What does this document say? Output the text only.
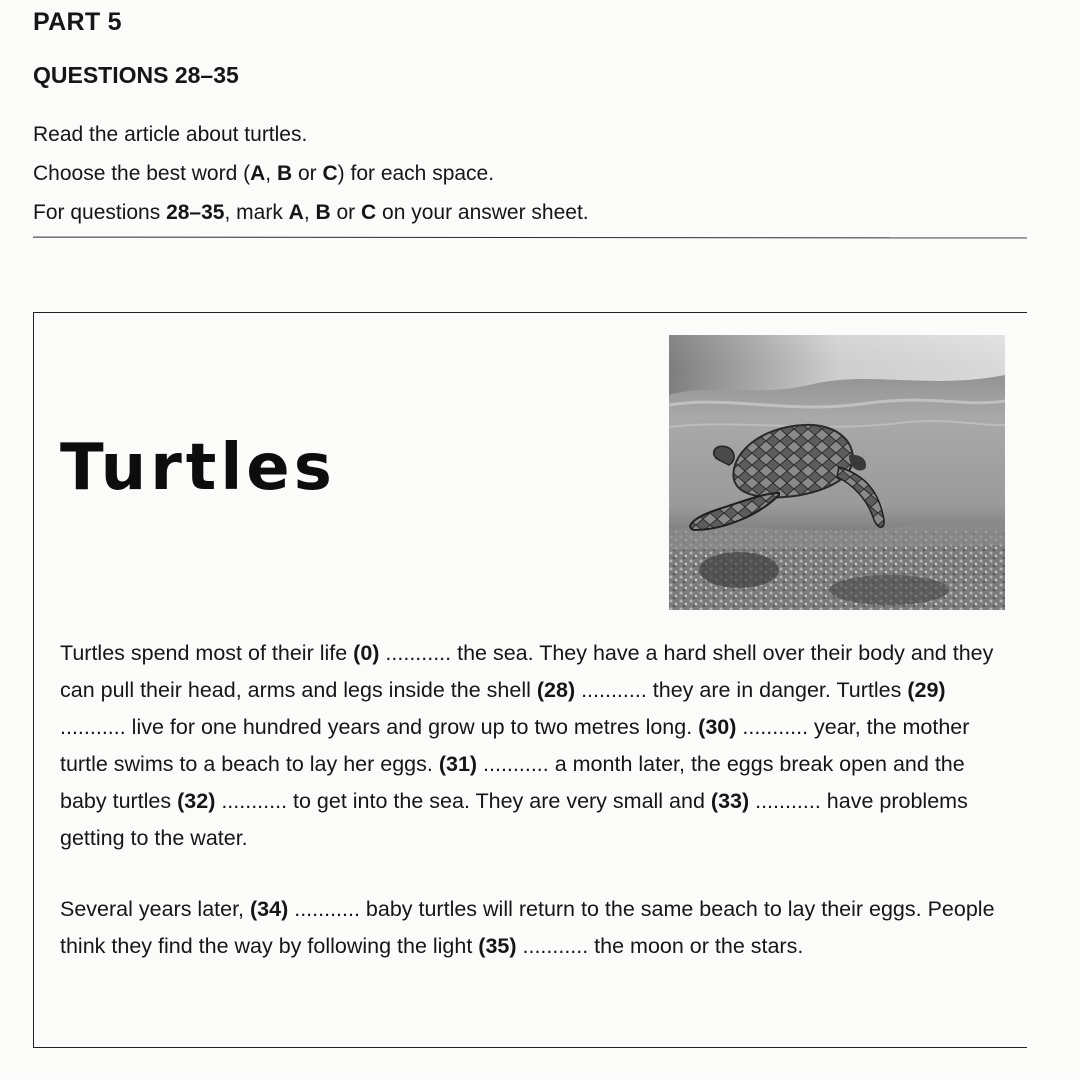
PART 5
QUESTIONS 28–35

Read the article about turtles.

Choose the best word (A, B or C) for each space.

For questions 28–35, mark A, B or C on your answer sheet.

Turtles

Turtles spend most of their life (0) ........... the sea. They have a hard shell over their body and they can pull their head, arms and legs inside the shell (28) ........... they are in danger. Turtles (29) ........... live for one hundred years and grow up to two metres long. (30) ........... year, the mother turtle swims to a beach to lay her eggs. (31) ........... a month later, the eggs break open and the baby turtles (32) ........... to get into the sea. They are very small and (33) ........... have problems getting to the water.

Several years later, (34) ........... baby turtles will return to the same beach to lay their eggs. People think they find the way by following the light (35) ........... the moon or the stars.
